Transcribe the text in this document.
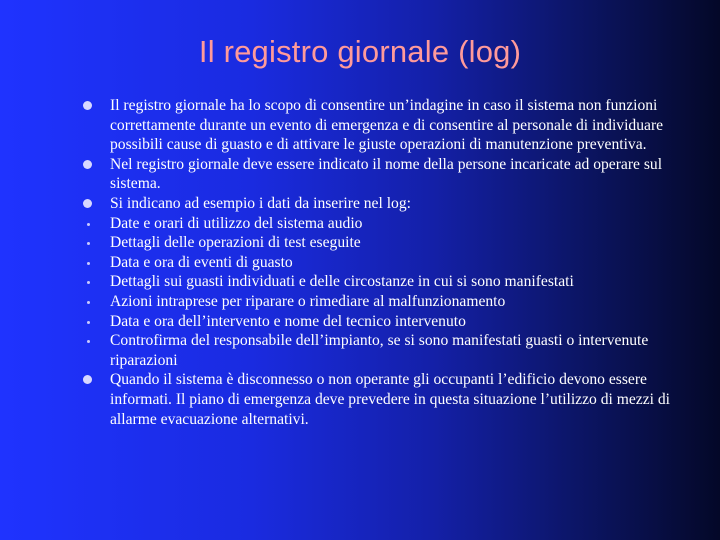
Il registro giornale (log)
Il registro giornale ha lo scopo di consentire un’indagine in caso il sistema non funzioni correttamente durante un evento di emergenza e di consentire al personale di individuare possibili cause di guasto e di attivare le giuste operazioni di manutenzione preventiva.
Nel registro giornale deve essere indicato il nome della persone incaricate ad operare sul sistema.
Si indicano ad esempio i dati da inserire nel log:
Date e orari di utilizzo del sistema audio
Dettagli delle operazioni di test eseguite
Data e ora di eventi di guasto
Dettagli sui guasti individuati e delle circostanze in cui si sono manifestati
Azioni intraprese per riparare o rimediare al malfunzionamento
Data e ora dell’intervento e nome del tecnico intervenuto
Controfirma del responsabile dell’impianto, se si sono manifestati guasti o intervenute riparazioni
Quando il sistema è disconnesso o non operante gli occupanti l’edificio devono essere informati. Il piano di emergenza deve prevedere in questa situazione l’utilizzo di mezzi di allarme evacuazione alternativi.
